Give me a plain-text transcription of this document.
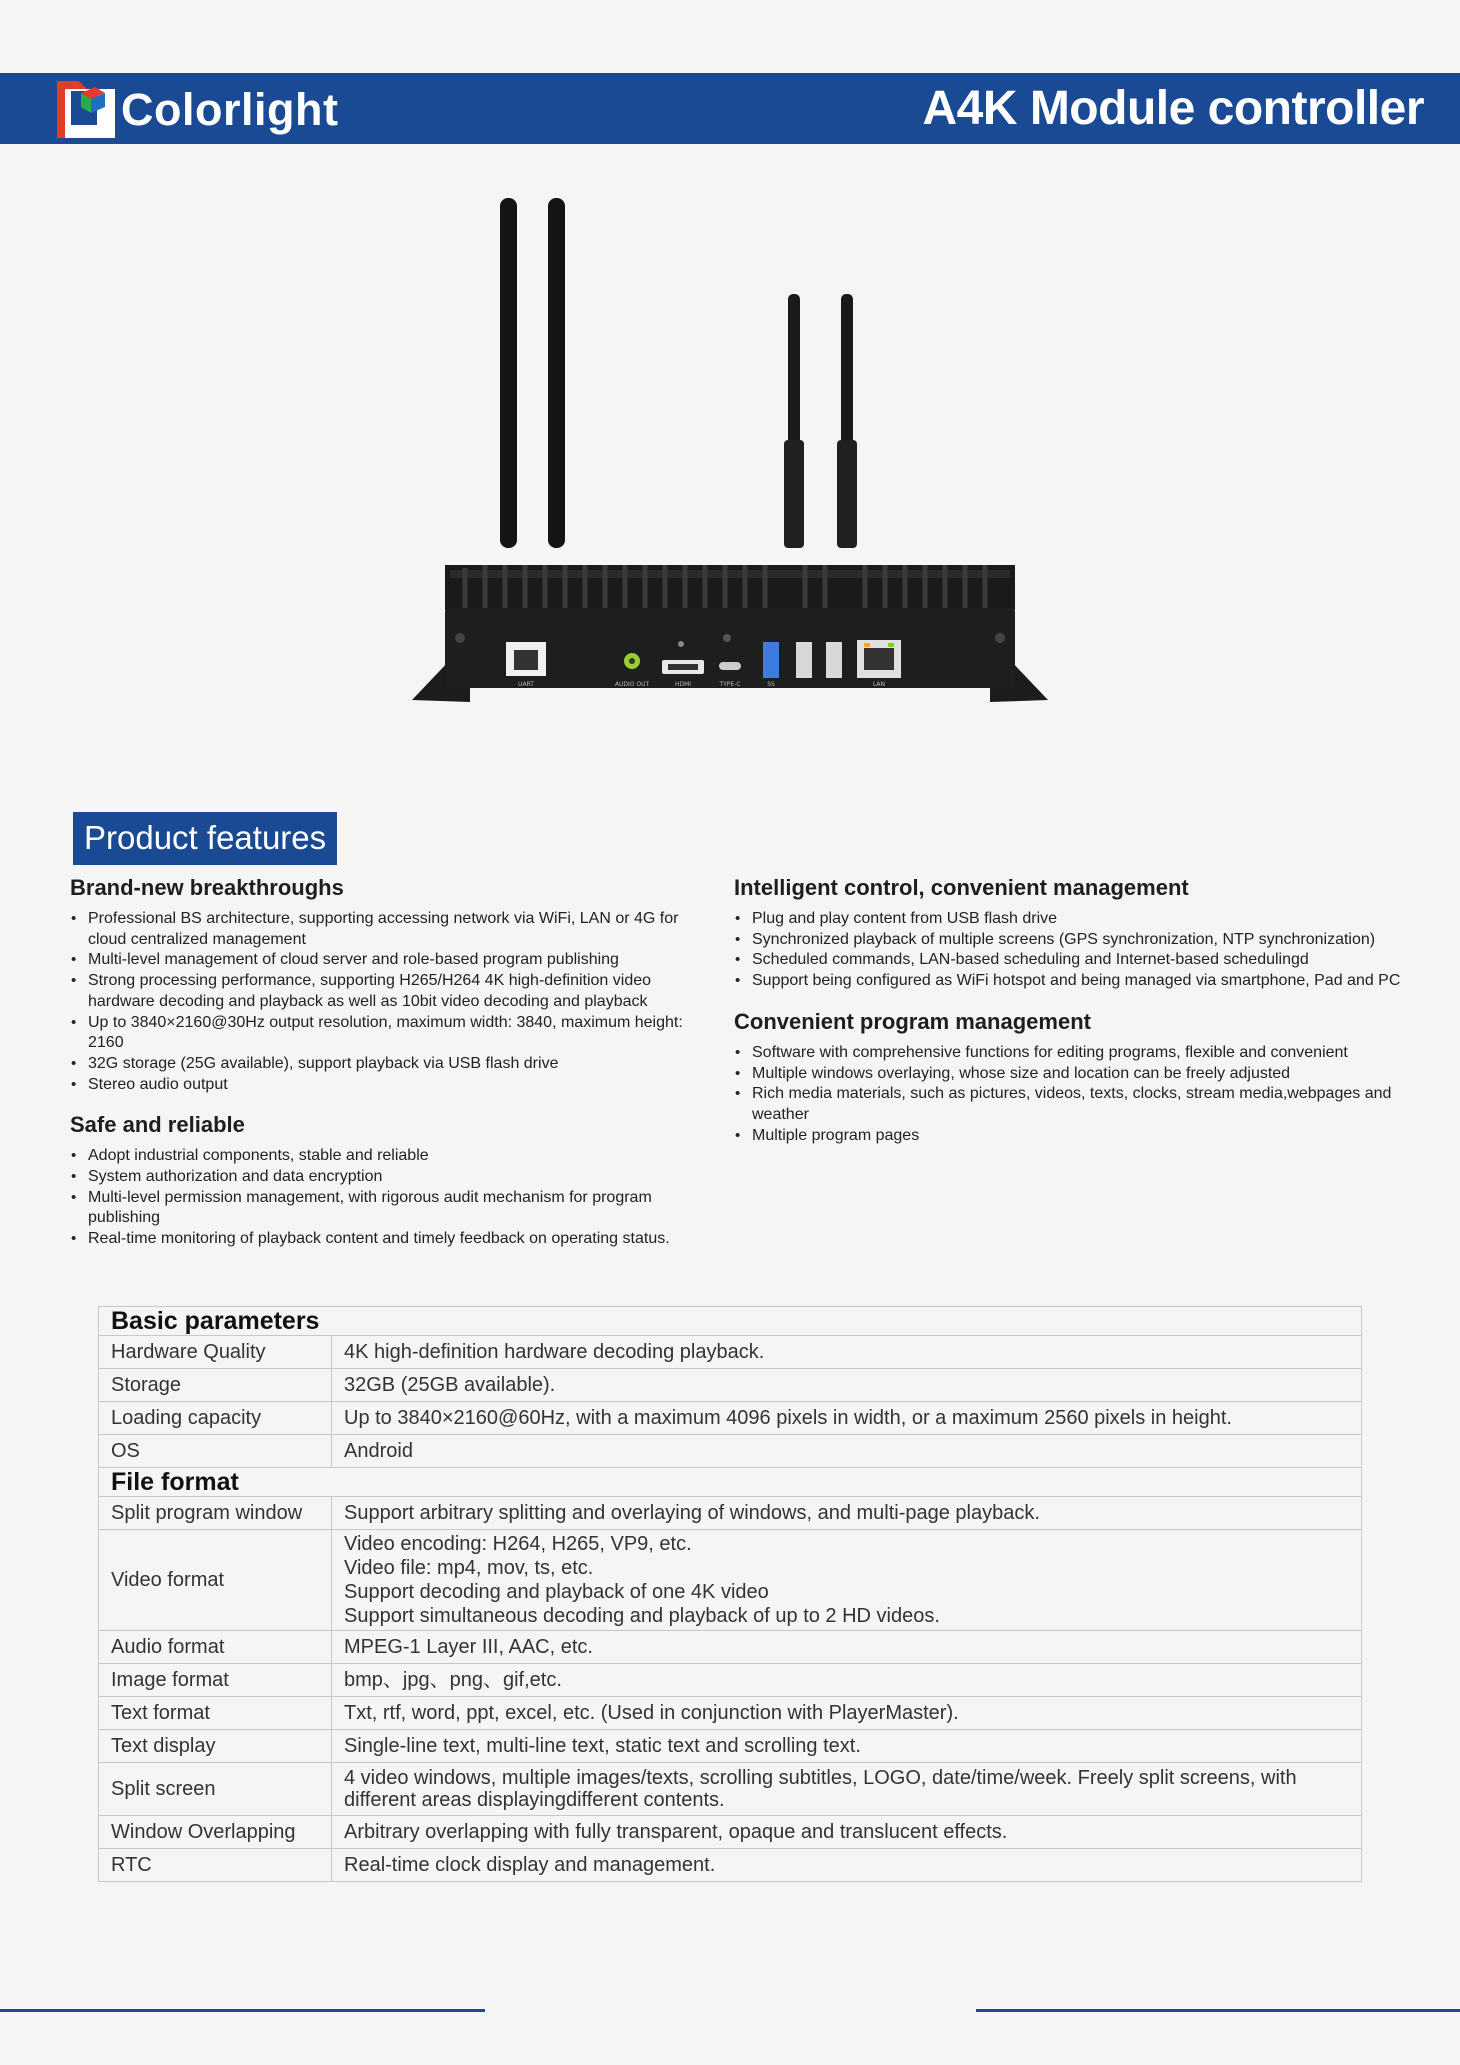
Colorlight	A4K Module controller
UART	AUDIO OUT	HDMI	TYPE-C	SS	LAN
Product features
Brand-new breakthroughs
• Professional BS architecture, supporting accessing network via WiFi, LAN or 4G for cloud centralized management
• Multi-level management of cloud server and role-based program publishing
• Strong processing performance, supporting H265/H264 4K high-definition video hardware decoding and playback as well as 10bit video decoding and playback
• Up to 3840×2160@30Hz output resolution, maximum width: 3840, maximum height: 2160
• 32G storage (25G available), support playback via USB flash drive
• Stereo audio output
Safe and reliable
• Adopt industrial components, stable and reliable
• System authorization and data encryption
• Multi-level permission management, with rigorous audit mechanism for program publishing
• Real-time monitoring of playback content and timely feedback on operating status.
Intelligent control, convenient management
• Plug and play content from USB flash drive
• Synchronized playback of multiple screens (GPS synchronization, NTP synchronization)
• Scheduled commands, LAN-based scheduling and Internet-based schedulingd
• Support being configured as WiFi hotspot and being managed via smartphone, Pad and PC
Convenient program management
• Software with comprehensive functions for editing programs, flexible and convenient
• Multiple windows overlaying, whose size and location can be freely adjusted
• Rich media materials, such as pictures, videos, texts, clocks, stream media,webpages and weather
• Multiple program pages
Basic parameters	
Hardware Quality	4K high-definition hardware decoding playback.
Storage	32GB (25GB available).
Loading capacity	Up to 3840×2160@60Hz, with a maximum 4096 pixels in width, or a maximum 2560 pixels in height.
OS	Android
File format	
Split program window	Support arbitrary splitting and overlaying of windows, and multi-page playback.
Video format	Video encoding: H264, H265, VP9, etc.
Video file: mp4, mov, ts, etc.
Support decoding and playback of one 4K video
Support simultaneous decoding and playback of up to 2 HD videos.
Audio format	MPEG-1 Layer III, AAC, etc.
Image format	bmp、jpg、png、gif,etc.
Text format	Txt, rtf, word, ppt, excel, etc. (Used in conjunction with PlayerMaster).
Text display	Single-line text, multi-line text, static text and scrolling text.
Split screen	4 video windows, multiple images/texts, scrolling subtitles, LOGO, date/time/week. Freely split screens, with different areas displayingdifferent contents.
Window Overlapping	Arbitrary overlapping with fully transparent, opaque and translucent effects.
RTC	Real-time clock display and management.
